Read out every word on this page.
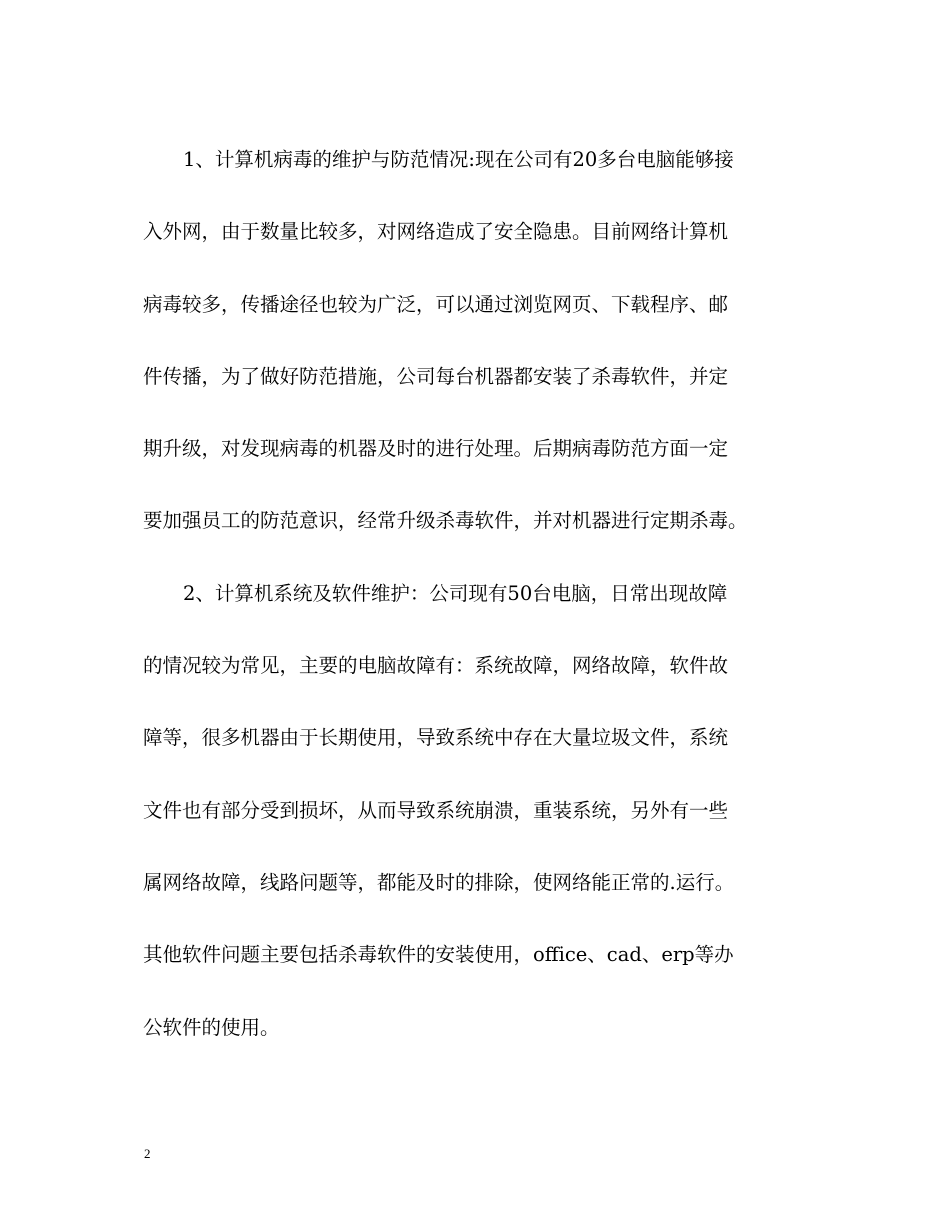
1、计算机病毒的维护与防范情况:现在公司有20多台电脑能够接
入外网，由于数量比较多，对网络造成了安全隐患。目前网络计算机
病毒较多，传播途径也较为广泛，可以通过浏览网页、下载程序、邮
件传播，为了做好防范措施，公司每台机器都安装了杀毒软件，并定
期升级，对发现病毒的机器及时的进行处理。后期病毒防范方面一定
要加强员工的防范意识，经常升级杀毒软件，并对机器进行定期杀毒。
2、计算机系统及软件维护：公司现有50台电脑，日常出现故障
的情况较为常见，主要的电脑故障有：系统故障，网络故障，软件故
障等，很多机器由于长期使用，导致系统中存在大量垃圾文件，系统
文件也有部分受到损坏，从而导致系统崩溃，重装系统，另外有一些
属网络故障，线路问题等，都能及时的排除，使网络能正常的.运行。
其他软件问题主要包括杀毒软件的安装使用，office、cad、erp等办
公软件的使用。
2
